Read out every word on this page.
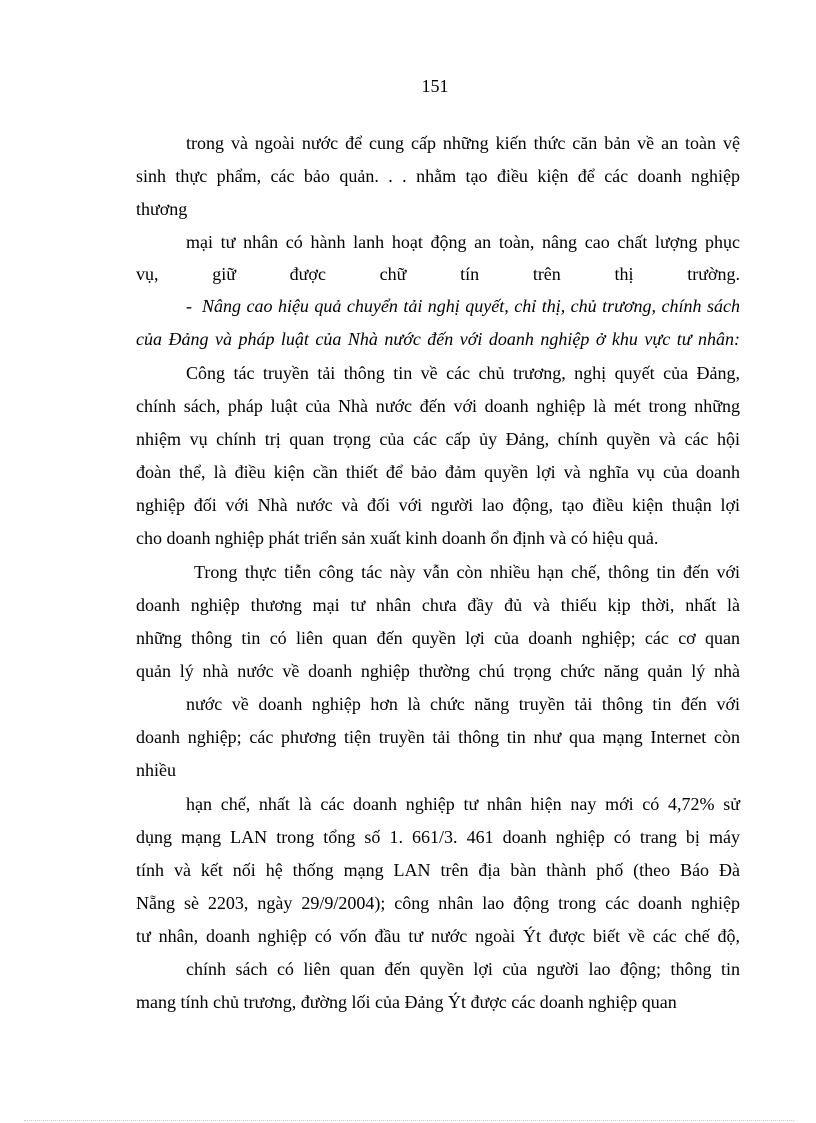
151
trong và ngoài nước để cung cấp những kiến thức căn bản về an toàn vệ
sinh thực phẩm, các bảo quản. . . nhằm tạo điều kiện để các doanh nghiệp
thương
mại tư nhân có hành lanh hoạt động an toàn, nâng cao chất lượng phục
vụ, giữ được chữ tín trên thị trường.
- Nâng cao hiệu quả chuyển tải nghị quyết, chỉ thị, chủ trương, chính sách
của Đảng và pháp luật của Nhà nước đến với doanh nghiệp ở khu vực tư nhân:
Công tác truyền tải thông tin về các chủ trương, nghị quyết của Đảng,
chính sách, pháp luật của Nhà nước đến với doanh nghiệp là mét trong những
nhiệm vụ chính trị quan trọng của các cấp ủy Đảng, chính quyền và các hội
đoàn thể, là điều kiện cần thiết để bảo đảm quyền lợi và nghĩa vụ của doanh
nghiệp đối với Nhà nước và đối với người lao động, tạo điều kiện thuận lợi
cho doanh nghiệp phát triển sản xuất kinh doanh ổn định và có hiệu quả.
Trong thực tiễn công tác này vẫn còn nhiều hạn chế, thông tin đến với
doanh nghiệp thương mại tư nhân chưa đầy đủ và thiếu kịp thời, nhất là
những thông tin có liên quan đến quyền lợi của doanh nghiệp; các cơ quan
quản lý nhà nước về doanh nghiệp thường chú trọng chức năng quản lý nhà
nước về doanh nghiệp hơn là chức năng truyền tải thông tin đến với
doanh nghiệp; các phương tiện truyền tải thông tin như qua mạng Internet còn
nhiều
hạn chế, nhất là các doanh nghiệp tư nhân hiện nay mới có 4,72% sử
dụng mạng LAN trong tổng số 1. 661/3. 461 doanh nghiệp có trang bị máy
tính và kết nối hệ thống mạng LAN trên địa bàn thành phố (theo Báo Đà
Nẵng sè 2203, ngày 29/9/2004); công nhân lao động trong các doanh nghiệp
tư nhân, doanh nghiệp có vốn đầu tư nước ngoài Ýt được biết về các chế độ,
chính sách có liên quan đến quyền lợi của người lao động; thông tin
mang tính chủ trương, đường lối của Đảng Ýt được các doanh nghiệp quan
